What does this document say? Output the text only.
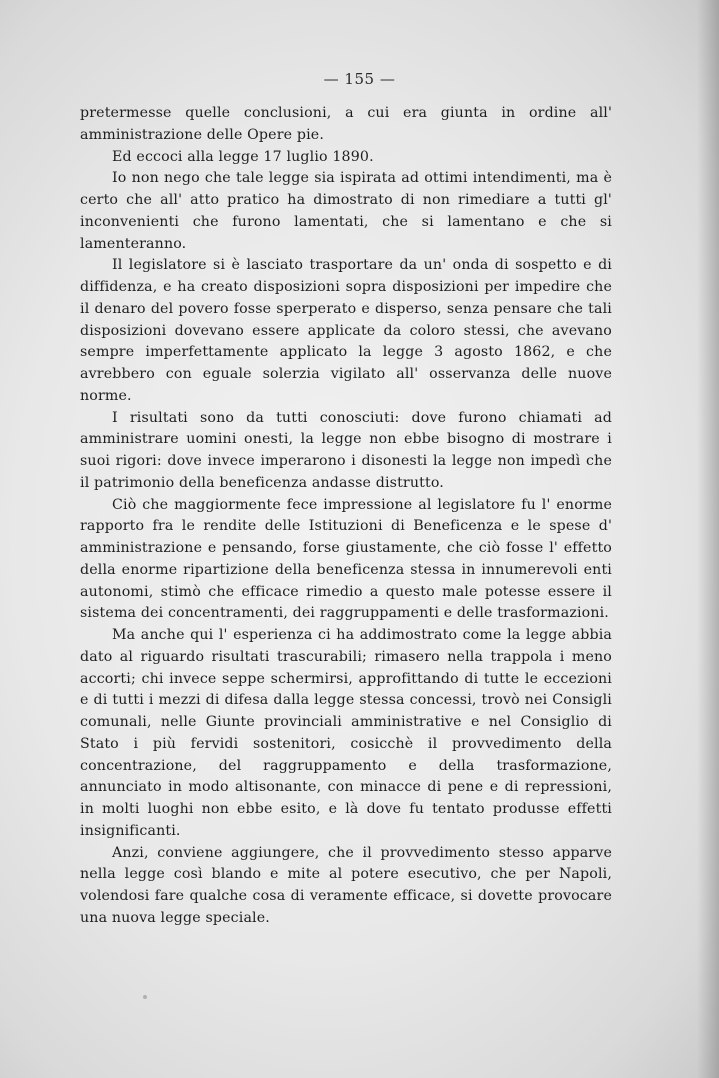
— 155 —

pretermesse quelle conclusioni, a cui era giunta in ordine all' amministrazione delle Opere pie.

Ed eccoci alla legge 17 luglio 1890.

Io non nego che tale legge sia ispirata ad ottimi intendimenti, ma è certo che all' atto pratico ha dimostrato di non rimediare a tutti gl' inconvenienti che furono lamentati, che si lamentano e che si lamenteranno.

Il legislatore si è lasciato trasportare da un' onda di sospetto e di diffidenza, e ha creato disposizioni sopra disposizioni per impedire che il denaro del povero fosse sperperato e disperso, senza pensare che tali disposizioni dovevano essere applicate da coloro stessi, che avevano sempre imperfettamente applicato la legge 3 agosto 1862, e che avrebbero con eguale solerzia vigilato all' osservanza delle nuove norme.

I risultati sono da tutti conosciuti: dove furono chiamati ad amministrare uomini onesti, la legge non ebbe bisogno di mostrare i suoi rigori: dove invece imperarono i disonesti la legge non impedì che il patrimonio della beneficenza andasse distrutto.

Ciò che maggiormente fece impressione al legislatore fu l' enorme rapporto fra le rendite delle Istituzioni di Beneficenza e le spese d' amministrazione e pensando, forse giustamente, che ciò fosse l' effetto della enorme ripartizione della beneficenza stessa in innumerevoli enti autonomi, stimò che efficace rimedio a questo male potesse essere il sistema dei concentramenti, dei raggruppamenti e delle trasformazioni.

Ma anche qui l' esperienza ci ha addimostrato come la legge abbia dato al riguardo risultati trascurabili; rimasero nella trappola i meno accorti; chi invece seppe schermirsi, approfittando di tutte le eccezioni e di tutti i mezzi di difesa dalla legge stessa concessi, trovò nei Consigli comunali, nelle Giunte provinciali amministrative e nel Consiglio di Stato i più fervidi sostenitori, cosicchè il provvedimento della concentrazione, del raggruppamento e della trasformazione, annunciato in modo altisonante, con minacce di pene e di repressioni, in molti luoghi non ebbe esito, e là dove fu tentato produsse effetti insignificanti.

Anzi, conviene aggiungere, che il provvedimento stesso apparve nella legge così blando e mite al potere esecutivo, che per Napoli, volendosi fare qualche cosa di veramente efficace, si dovette provocare una nuova legge speciale.
